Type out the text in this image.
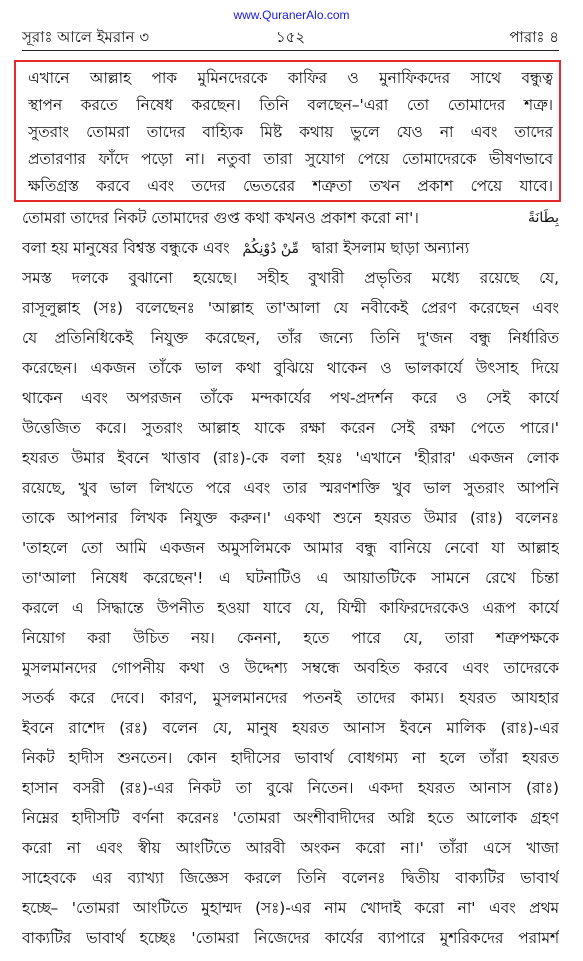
www.QuranerAlo.com
সূরাঃ আলে ইমরান ৩	১৫২	পারাঃ ৪
এখানে আল্লাহ পাক মুমিনদেরকে কাফির ও মুনাফিকদের সাথে বন্ধুত্ব
স্থাপন করতে নিষেধ করছেন। তিনি বলছেন–'এরা তো তোমাদের শত্রু।
সুতরাং তোমরা তাদের বাহ্যিক মিষ্ট কথায় ভুলে যেও না এবং তাদের
প্রতারণার ফাঁদে পড়ো না। নতুবা তারা সুযোগ পেয়ে তোমাদেরকে ভীষণভাবে
ক্ষতিগ্রস্ত করবে এবং তদের ভেতরের শত্রুতা তখন প্রকাশ পেয়ে যাবে।
তোমরা তাদের নিকট তোমাদের গুপ্ত কথা কখনও প্রকাশ করো না'।	بِطَانَةً
বলা হয় মানুষের বিশ্বস্ত বন্ধুকে এবং مِّنْ دُوْنِكُمْ দ্বারা ইসলাম ছাড়া অন্যান্য
সমস্ত দলকে বুঝানো হয়েছে। সহীহ বুখারী প্রভৃতির মধ্যে রয়েছে যে,
রাসূলুল্লাহ (সঃ) বলেছেনঃ 'আল্লাহ তা'আলা যে নবীকেই প্রেরণ করেছেন এবং
যে প্রতিনিধিকেই নিযুক্ত করেছেন, তাঁর জন্যে তিনি দু'জন বন্ধু নির্ধারিত
করেছেন। একজন তাঁকে ভাল কথা বুঝিয়ে থাকেন ও ভালকার্যে উৎসাহ দিয়ে
থাকেন এবং অপরজন তাঁকে মন্দকার্যের পথ-প্রদর্শন করে ও সেই কার্যে
উত্তেজিত করে। সুতরাং আল্লাহ যাকে রক্ষা করেন সেই রক্ষা পেতে পারে।'
হযরত উমার ইবনে খাত্তাব (রাঃ)-কে বলা হয়ঃ 'এখানে 'হীরার' একজন লোক
রয়েছে, খুব ভাল লিখতে পরে এবং তার স্মরণশক্তি খুব ভাল সুতরাং আপনি
তাকে আপনার লিখক নিযুক্ত করুন।' একথা শুনে হযরত উমার (রাঃ) বলেনঃ
'তাহলে তো আমি একজন অমুসলিমকে আমার বন্ধু বানিয়ে নেবো যা আল্লাহ
তা'আলা নিষেধ করেছেন'! এ ঘটনাটিও এ আয়াতটিকে সামনে রেখে চিন্তা
করলে এ সিদ্ধান্তে উপনীত হওয়া যাবে যে, যিম্মী কাফিরদেরকেও এরূপ কার্যে
নিয়োগ করা উচিত নয়। কেননা, হতে পারে যে, তারা শত্রুপক্ষকে
মুসলমানদের গোপনীয় কথা ও উদ্দেশ্য সম্বন্ধে অবহিত করবে এবং তাদেরকে
সতর্ক করে দেবে। কারণ, মুসলমানদের পতনই তাদের কাম্য। হযরত আযহার
ইবনে রাশেদ (রঃ) বলেন যে, মানুষ হযরত আনাস ইবনে মালিক (রাঃ)-এর
নিকট হাদীস শুনতেন। কোন হাদীসের ভাবার্থ বোধগম্য না হলে তাঁরা হযরত
হাসান বসরী (রঃ)-এর নিকট তা বুঝে নিতেন। একদা হযরত আনাস (রাঃ)
নিম্নের হাদীসটি বর্ণনা করেনঃ 'তোমরা অংশীবাদীদের অগ্নি হতে আলোক গ্রহণ
করো না এবং স্বীয় আংটিতে আরবী অংকন করো না।' তাঁরা এসে খাজা
সাহেবকে এর ব্যাখ্যা জিজ্ঞেস করলে তিনি বলেনঃ দ্বিতীয় বাক্যটির ভাবার্থ
হচ্ছে– 'তোমরা আংটিতে মুহাম্মদ (সঃ)-এর নাম খোদাই করো না' এবং প্রথম
বাক্যটির ভাবার্থ হচ্ছেঃ 'তোমরা নিজেদের কার্যের ব্যাপারে মুশরিকদের পরামর্শ
